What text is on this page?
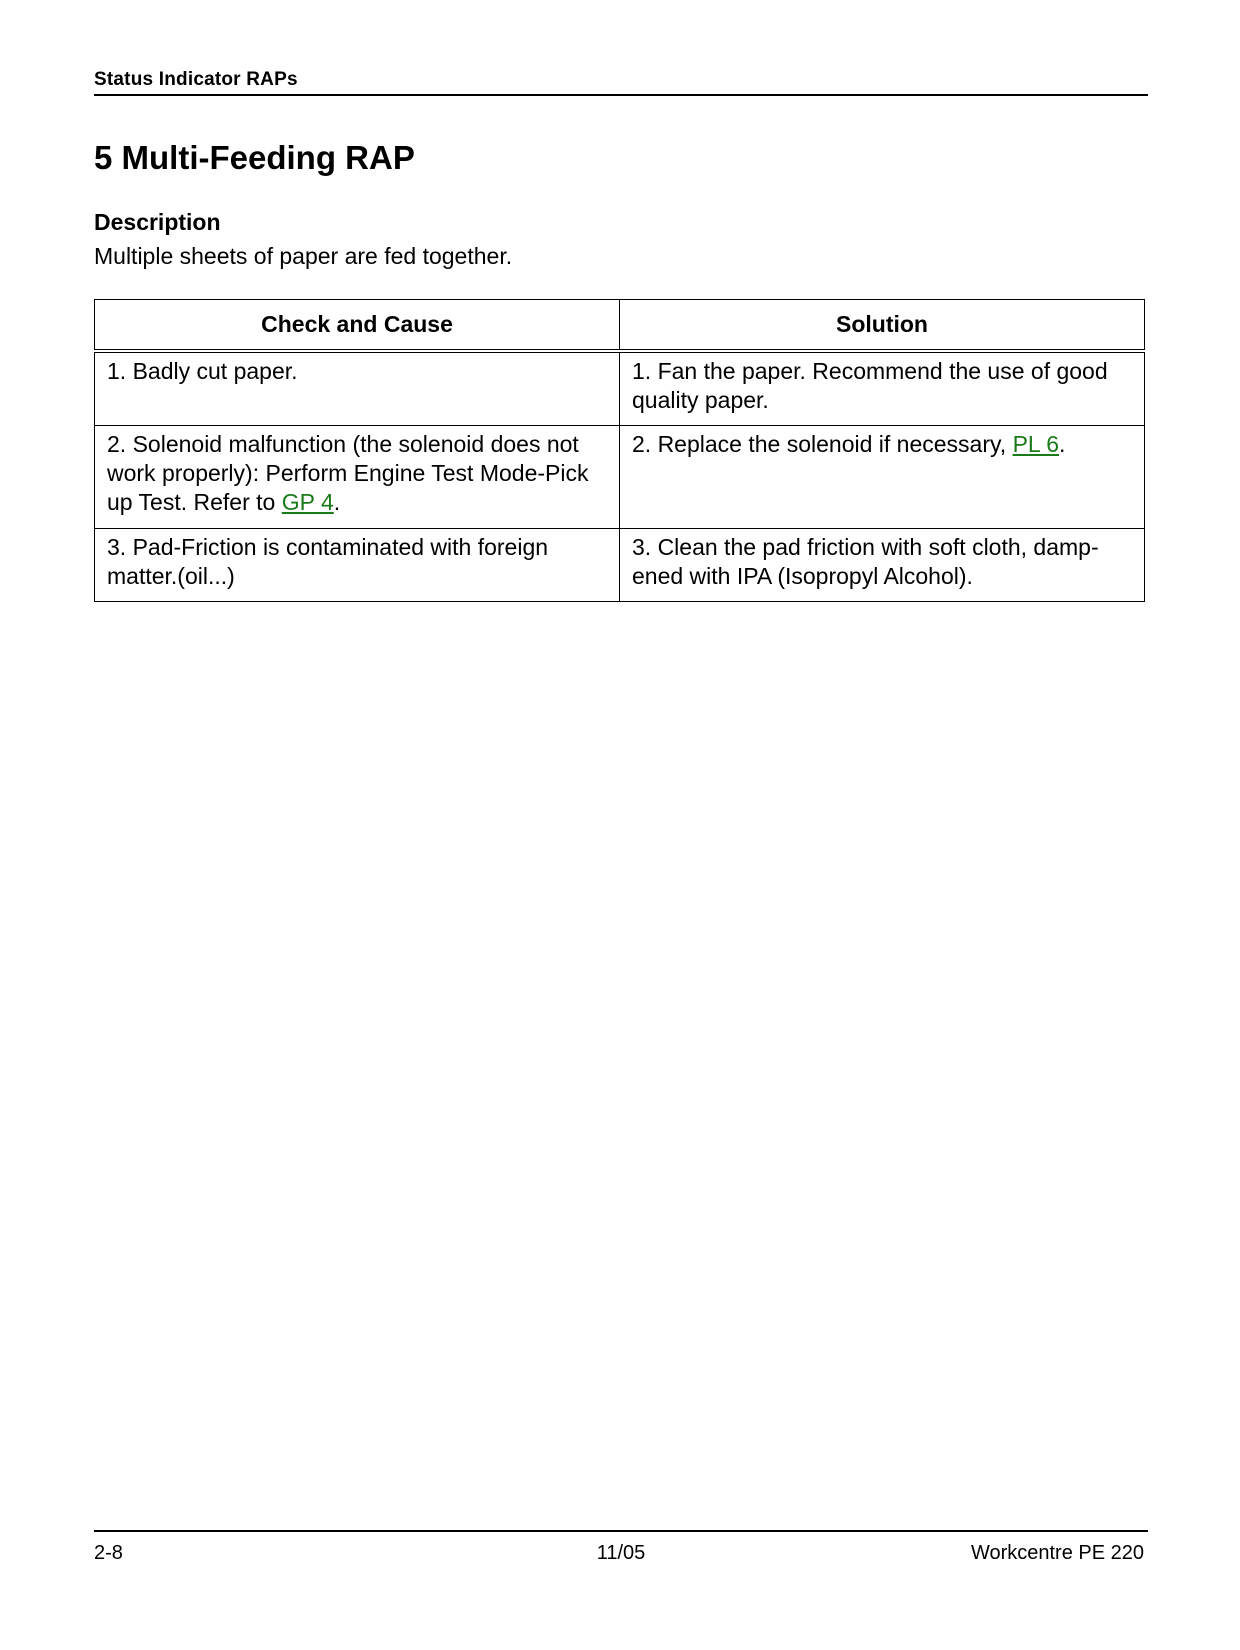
Status Indicator RAPs
5 Multi-Feeding RAP
Description

Multiple sheets of paper are fed together.

Check and Cause	Solution
1. Badly cut paper.	1. Fan the paper. Recommend the use of good quality paper.
2. Solenoid malfunction (the solenoid does not work properly): Perform Engine Test Mode-Pick up Test. Refer to GP 4.	2. Replace the solenoid if necessary, PL 6.
3. Pad-Friction is contaminated with foreign matter.(oil...)	3. Clean the pad friction with soft cloth, damp-ened with IPA (Isopropyl Alcohol).
2-8	11/05	Workcentre PE 220
